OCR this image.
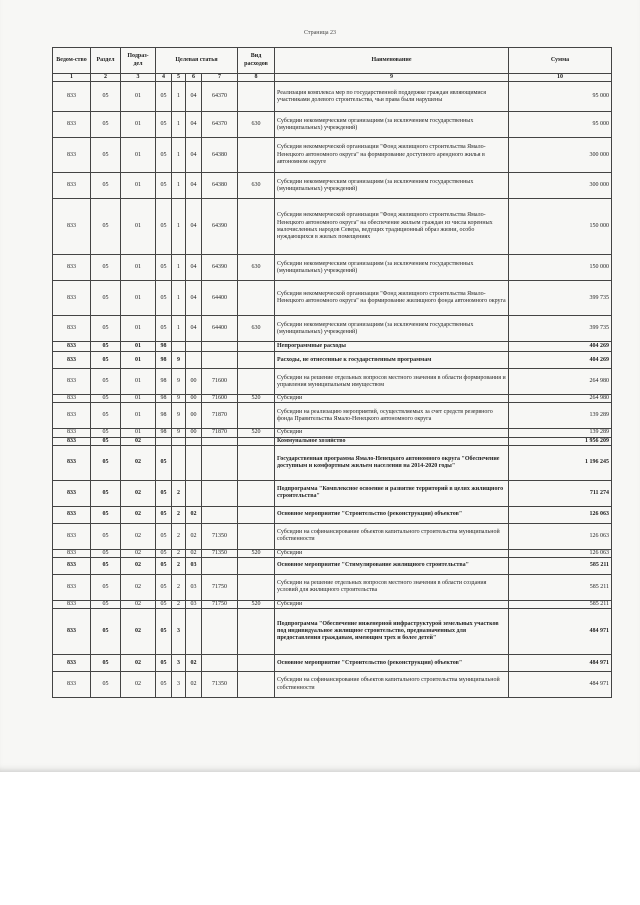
Страница 23
Ведом-ство	Раздел	Подраз-дел	Целевая статья				Вид расходов	Наименование	Сумма
1	2	3	4	5	6	7	8	9	10
833	05	01	05	1	04	64370		Реализация комплекса мер по государственной поддержке граждан являющимися участниками долевого строительства, чьи права были нарушены	95 000
833	05	01	05	1	04	64370	630	Субсидии некоммерческим организациям (за исключением государственных (муниципальных) учреждений)	95 000
833	05	01	05	1	04	64380		Субсидия некоммерческой организации "Фонд жилищного строительства Ямало-Ненецкого автономного округа" на формирование доступного арендного жилья в автономном округе	300 000
833	05	01	05	1	04	64380	630	Субсидии некоммерческим организациям (за исключением государственных (муниципальных) учреждений)	300 000
833	05	01	05	1	04	64390		Субсидия некоммерческой организации "Фонд жилищного строительства Ямало-Ненецкого автономного округа" на обеспечение жильем граждан из числа коренных малочисленных народов Севера, ведущих традиционный образ жизни, особо нуждающихся в жилых помещениях	150 000
833	05	01	05	1	04	64390	630	Субсидии некоммерческим организациям (за исключением государственных (муниципальных) учреждений)	150 000
833	05	01	05	1	04	64400		Субсидия некоммерческой организации "Фонд жилищного строительства Ямало-Ненецкого автономного округа" на формирование жилищного фонда автономного округа	399 735
833	05	01	05	1	04	64400	630	Субсидии некоммерческим организациям (за исключением государственных (муниципальных) учреждений)	399 735
833	05	01	98					Непрограммные расходы	404 269
833	05	01	98	9				Расходы, не отнесенные к государственным программам	404 269
833	05	01	98	9	00	71600		Субсидии на решение отдельных вопросов местного значения в области формирования и управления муниципальным имуществом	264 980
833	05	01	98	9	00	71600	520	Субсидии	264 980
833	05	01	98	9	00	71870		Субсидии на реализацию мероприятий, осуществляемых за счет средств резервного фонда Правительства Ямало-Ненецкого автономного округа	139 289
833	05	01	98	9	00	71870	520	Субсидии	139 289
833	05	02						Коммунальное хозяйство	1 956 209
833	05	02	05					Государственная программа Ямало-Ненецкого автономного округа "Обеспечение доступным и комфортным жильем населения на 2014-2020 годы"	1 196 245
833	05	02	05	2				Подпрограмма "Комплексное освоение и развитие территорий в целях жилищного строительства"	711 274
833	05	02	05	2	02			Основное мероприятие "Строительство (реконструкция) объектов"	126 063
833	05	02	05	2	02	71350		Субсидии на софинансирование объектов капитального строительства муниципальной собственности	126 063
833	05	02	05	2	02	71350	520	Субсидии	126 063
833	05	02	05	2	03			Основное мероприятие "Стимулирование жилищного строительства"	585 211
833	05	02	05	2	03	71750		Субсидии на решение отдельных вопросов местного значения в области создания условий для жилищного строительства	585 211
833	05	02	05	2	03	71750	520	Субсидии	585 211
833	05	02	05	3				Подпрограмма "Обеспечение инженерной инфраструктурой земельных участков под индивидуальное жилищное строительство, предназначенных для предоставления гражданам, имеющим трех и более детей"	484 971
833	05	02	05	3	02			Основное мероприятие "Строительство (реконструкция) объектов"	484 971
833	05	02	05	3	02	71350		Субсидии на софинансирование объектов капитального строительства муниципальной собственности	484 971
